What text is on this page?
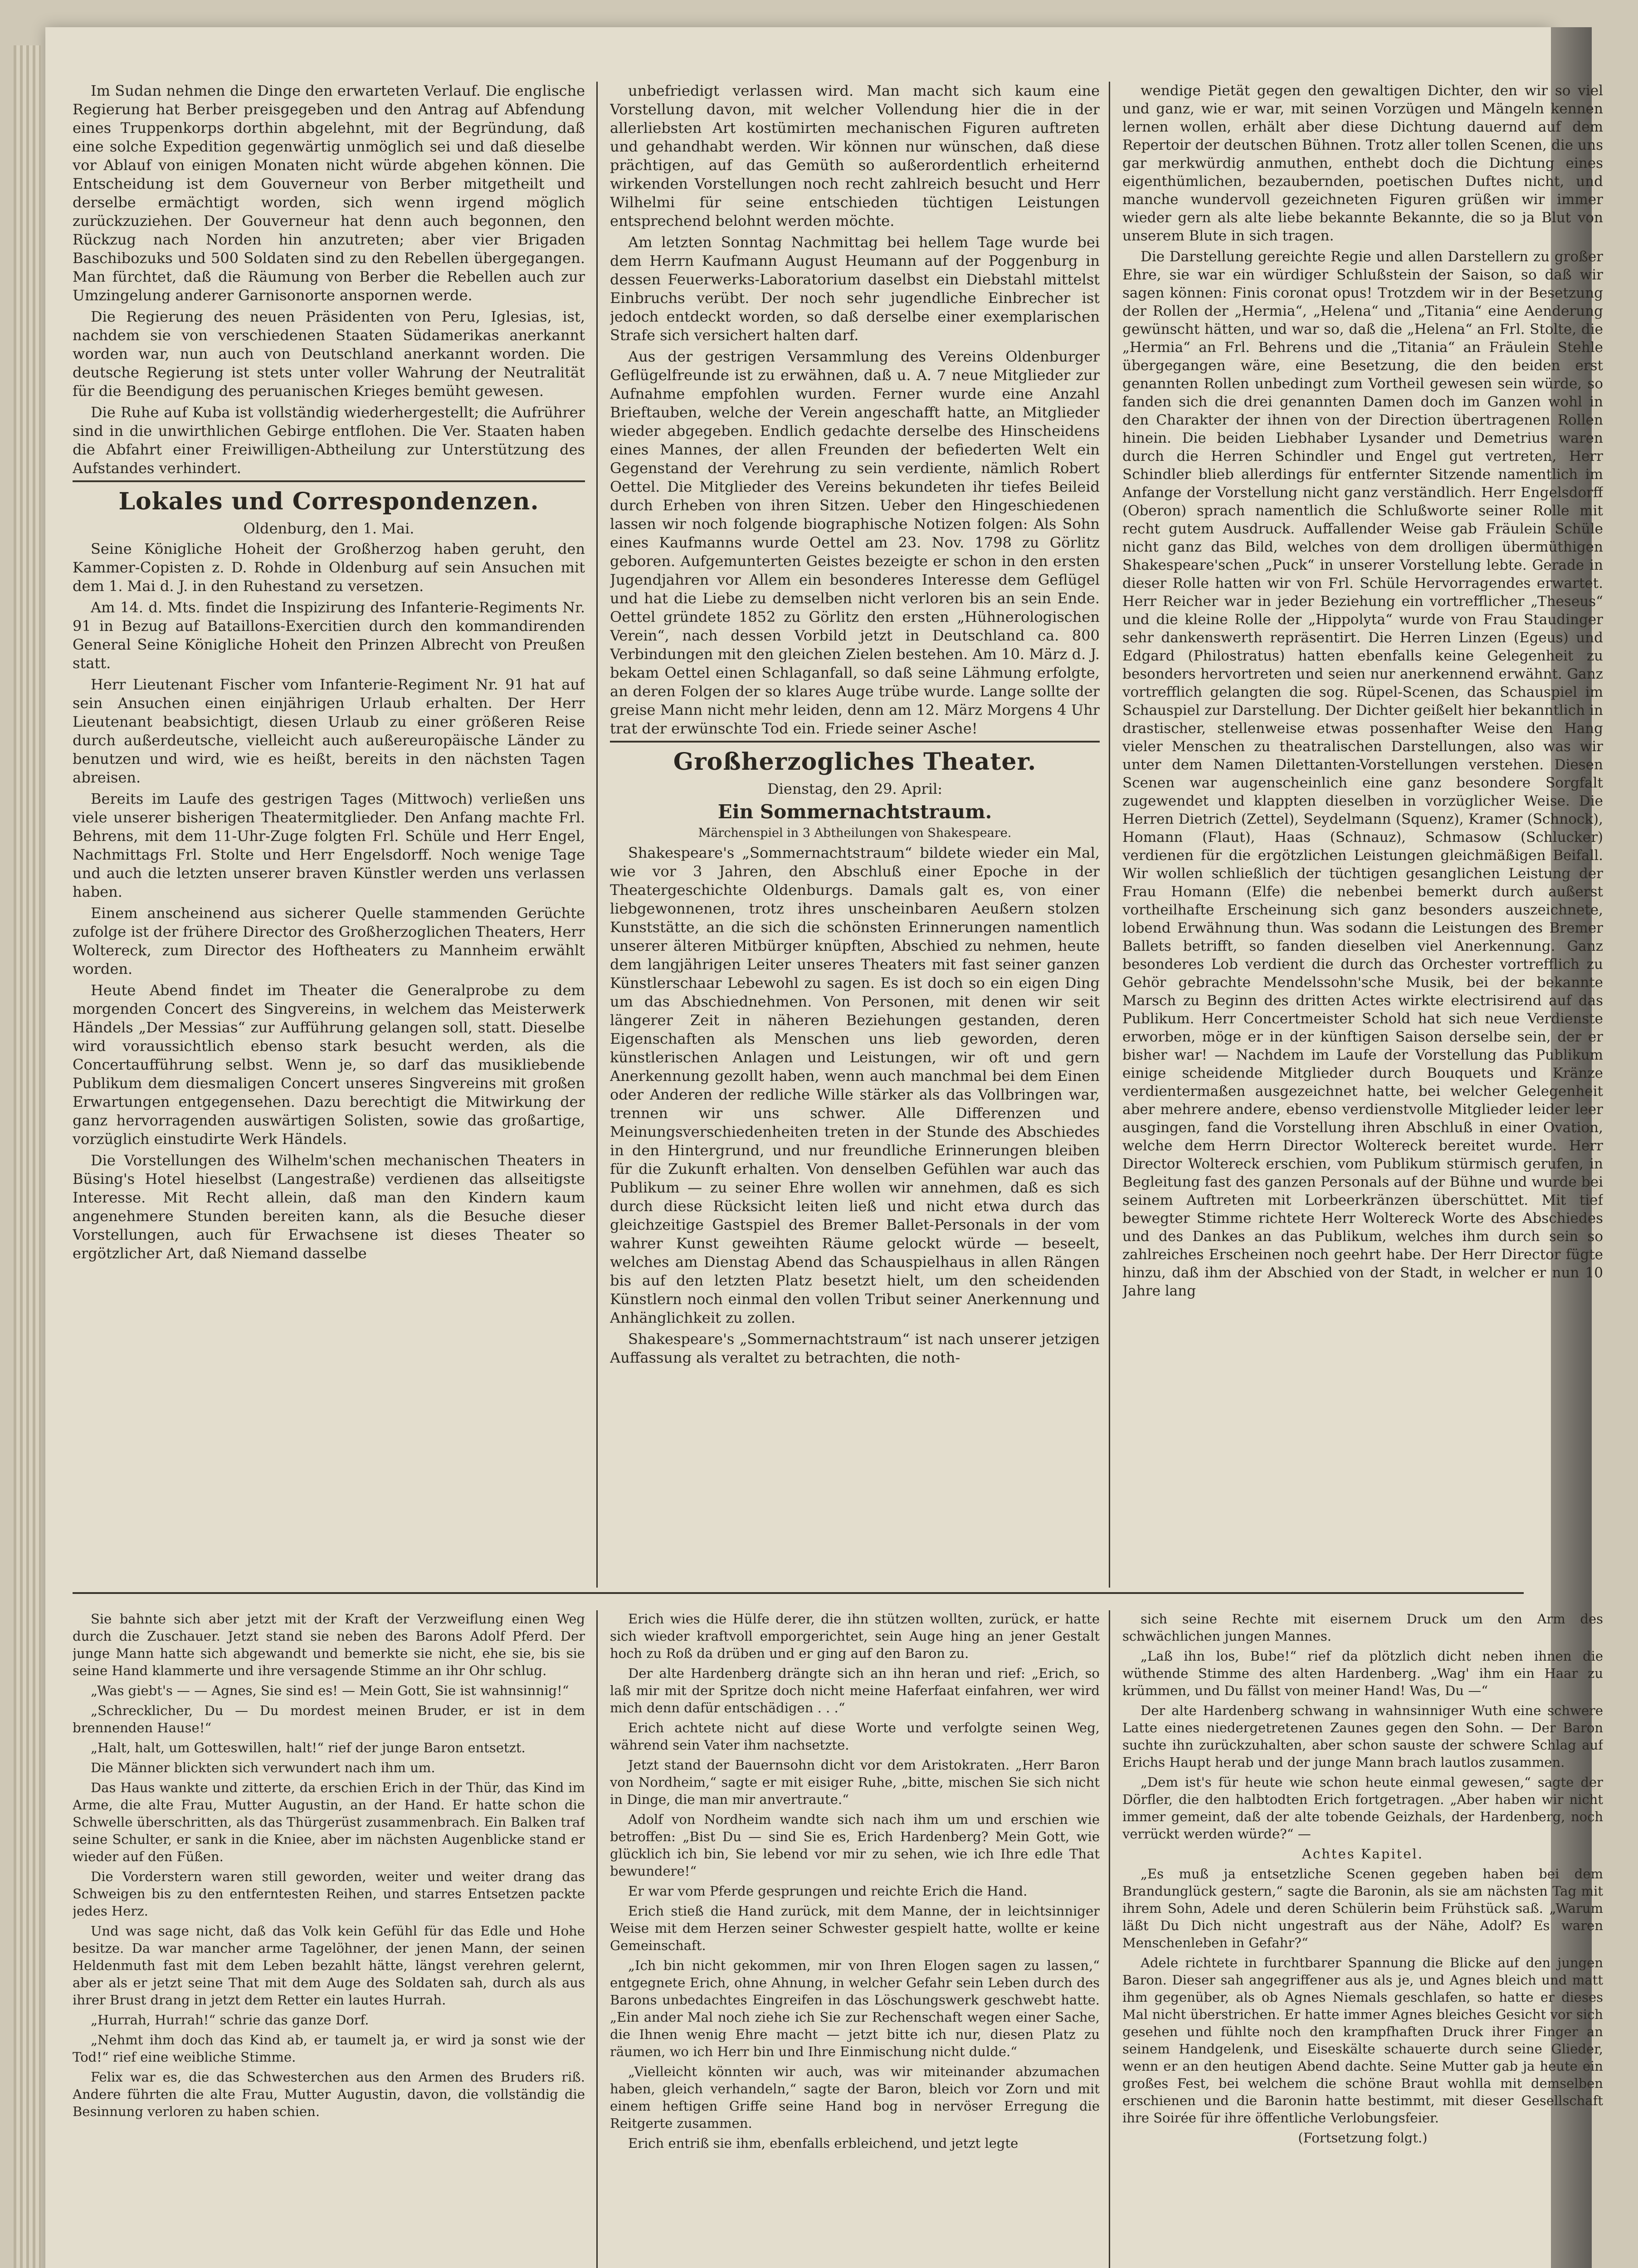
Im Sudan nehmen die Dinge den erwarteten Verlauf. Die englische Regierung hat Berber preisgegeben und den Antrag auf Abfendung eines Truppenkorps dorthin abgelehnt, mit der Begründung, daß eine solche Expedition gegenwärtig unmöglich sei und daß dieselbe vor Ablauf von einigen Monaten nicht würde abgehen können. Die Entscheidung ist dem Gouverneur von Berber mitgetheilt und derselbe ermächtigt worden, sich wenn irgend möglich zurückzuziehen. Der Gouverneur hat denn auch begonnen, den Rückzug nach Norden hin anzutreten; aber vier Brigaden Baschibozuks und 500 Soldaten sind zu den Rebellen übergegangen. Man fürchtet, daß die Räumung von Berber die Rebellen auch zur Umzingelung anderer Garnisonorte anspornen werde.

Die Regierung des neuen Präsidenten von Peru, Iglesias, ist, nachdem sie von verschiedenen Staaten Südamerikas anerkannt worden war, nun auch von Deutschland anerkannt worden. Die deutsche Regierung ist stets unter voller Wahrung der Neutralität für die Beendigung des peruanischen Krieges bemüht gewesen.

Die Ruhe auf Kuba ist vollständig wiederhergestellt; die Aufrührer sind in die unwirthlichen Gebirge entflohen. Die Ver. Staaten haben die Abfahrt einer Freiwilligen-Abtheilung zur Unterstützung des Aufstandes verhindert.

Lokales und Correspondenzen.
Oldenburg, den 1. Mai.

Seine Königliche Hoheit der Großherzog haben geruht, den Kammer-Copisten z. D. Rohde in Oldenburg auf sein Ansuchen mit dem 1. Mai d. J. in den Ruhestand zu versetzen.

Am 14. d. Mts. findet die Inspizirung des Infanterie-Regiments Nr. 91 in Bezug auf Bataillons-Exercitien durch den kommandirenden General Seine Königliche Hoheit den Prinzen Albrecht von Preußen statt.

Herr Lieutenant Fischer vom Infanterie-Regiment Nr. 91 hat auf sein Ansuchen einen einjährigen Urlaub erhalten. Der Herr Lieutenant beabsichtigt, diesen Urlaub zu einer größeren Reise durch außerdeutsche, vielleicht auch außereuropäische Länder zu benutzen und wird, wie es heißt, bereits in den nächsten Tagen abreisen.

Bereits im Laufe des gestrigen Tages (Mittwoch) verließen uns viele unserer bisherigen Theatermitglieder. Den Anfang machte Frl. Behrens, mit dem 11-Uhr-Zuge folgten Frl. Schüle und Herr Engel, Nachmittags Frl. Stolte und Herr Engelsdorff. Noch wenige Tage und auch die letzten unserer braven Künstler werden uns verlassen haben.

Einem anscheinend aus sicherer Quelle stammenden Gerüchte zufolge ist der frühere Director des Großherzoglichen Theaters, Herr Woltereck, zum Director des Hoftheaters zu Mannheim erwählt worden.

Heute Abend findet im Theater die Generalprobe zu dem morgenden Concert des Singvereins, in welchem das Meisterwerk Händels „Der Messias“ zur Aufführung gelangen soll, statt. Dieselbe wird voraussichtlich ebenso stark besucht werden, als die Concertaufführung selbst. Wenn je, so darf das musikliebende Publikum dem diesmaligen Concert unseres Singvereins mit großen Erwartungen entgegensehen. Dazu berechtigt die Mitwirkung der ganz hervorragenden auswärtigen Solisten, sowie das großartige, vorzüglich einstudirte Werk Händels.

Die Vorstellungen des Wilhelm'schen mechanischen Theaters in Büsing's Hotel hieselbst (Langestraße) verdienen das allseitigste Interesse. Mit Recht allein, daß man den Kindern kaum angenehmere Stunden bereiten kann, als die Besuche dieser Vorstellungen, auch für Erwachsene ist dieses Theater so ergötzlicher Art, daß Niemand dasselbe

unbefriedigt verlassen wird. Man macht sich kaum eine Vorstellung davon, mit welcher Vollendung hier die in der allerliebsten Art kostümirten mechanischen Figuren auftreten und gehandhabt werden. Wir können nur wünschen, daß diese prächtigen, auf das Gemüth so außerordentlich erheiternd wirkenden Vorstellungen noch recht zahlreich besucht und Herr Wilhelmi für seine entschieden tüchtigen Leistungen entsprechend belohnt werden möchte.

Am letzten Sonntag Nachmittag bei hellem Tage wurde bei dem Herrn Kaufmann August Heumann auf der Poggenburg in dessen Feuerwerks-Laboratorium daselbst ein Diebstahl mittelst Einbruchs verübt. Der noch sehr jugendliche Einbrecher ist jedoch entdeckt worden, so daß derselbe einer exemplarischen Strafe sich versichert halten darf.

Aus der gestrigen Versammlung des Vereins Oldenburger Geflügelfreunde ist zu erwähnen, daß u. A. 7 neue Mitglieder zur Aufnahme empfohlen wurden. Ferner wurde eine Anzahl Brieftauben, welche der Verein angeschafft hatte, an Mitglieder wieder abgegeben. Endlich gedachte derselbe des Hinscheidens eines Mannes, der allen Freunden der befiederten Welt ein Gegenstand der Verehrung zu sein verdiente, nämlich Robert Oettel. Die Mitglieder des Vereins bekundeten ihr tiefes Beileid durch Erheben von ihren Sitzen. Ueber den Hingeschiedenen lassen wir noch folgende biographische Notizen folgen: Als Sohn eines Kaufmanns wurde Oettel am 23. Nov. 1798 zu Görlitz geboren. Aufgemunterten Geistes bezeigte er schon in den ersten Jugendjahren vor Allem ein besonderes Interesse dem Geflügel und hat die Liebe zu demselben nicht verloren bis an sein Ende. Oettel gründete 1852 zu Görlitz den ersten „Hühnerologischen Verein“, nach dessen Vorbild jetzt in Deutschland ca. 800 Verbindungen mit den gleichen Zielen bestehen. Am 10. März d. J. bekam Oettel einen Schlaganfall, so daß seine Lähmung erfolgte, an deren Folgen der so klares Auge trübe wurde. Lange sollte der greise Mann nicht mehr leiden, denn am 12. März Morgens 4 Uhr trat der erwünschte Tod ein. Friede seiner Asche!

Großherzogliches Theater.
Dienstag, den 29. April:
Ein Sommernachtstraum.
Märchenspiel in 3 Abtheilungen von Shakespeare.

Shakespeare's „Sommernachtstraum“ bildete wieder ein Mal, wie vor 3 Jahren, den Abschluß einer Epoche in der Theatergeschichte Oldenburgs. Damals galt es, von einer liebgewonnenen, trotz ihres unscheinbaren Aeußern stolzen Kunststätte, an die sich die schönsten Erinnerungen namentlich unserer älteren Mitbürger knüpften, Abschied zu nehmen, heute dem langjährigen Leiter unseres Theaters mit fast seiner ganzen Künstlerschaar Lebewohl zu sagen. Es ist doch so ein eigen Ding um das Abschiednehmen. Von Personen, mit denen wir seit längerer Zeit in näheren Beziehungen gestanden, deren Eigenschaften als Menschen uns lieb geworden, deren künstlerischen Anlagen und Leistungen, wir oft und gern Anerkennung gezollt haben, wenn auch manchmal bei dem Einen oder Anderen der redliche Wille stärker als das Vollbringen war, trennen wir uns schwer. Alle Differenzen und Meinungsverschiedenheiten treten in der Stunde des Abschiedes in den Hintergrund, und nur freundliche Erinnerungen bleiben für die Zukunft erhalten. Von denselben Gefühlen war auch das Publikum — zu seiner Ehre wollen wir annehmen, daß es sich durch diese Rücksicht leiten ließ und nicht etwa durch das gleichzeitige Gastspiel des Bremer Ballet-Personals in der vom wahrer Kunst geweihten Räume gelockt würde — beseelt, welches am Dienstag Abend das Schauspielhaus in allen Rängen bis auf den letzten Platz besetzt hielt, um den scheidenden Künstlern noch einmal den vollen Tribut seiner Anerkennung und Anhänglichkeit zu zollen.

Shakespeare's „Sommernachtstraum“ ist nach unserer jetzigen Auffassung als veraltet zu betrachten, die noth-

wendige Pietät gegen den gewaltigen Dichter, den wir so viel und ganz, wie er war, mit seinen Vorzügen und Mängeln kennen lernen wollen, erhält aber diese Dichtung dauernd auf dem Repertoir der deutschen Bühnen. Trotz aller tollen Scenen, die uns gar merkwürdig anmuthen, enthebt doch die Dichtung eines eigenthümlichen, bezaubernden, poetischen Duftes nicht, und manche wundervoll gezeichneten Figuren grüßen wir immer wieder gern als alte liebe bekannte Bekannte, die so ja Blut von unserem Blute in sich tragen.

Die Darstellung gereichte Regie und allen Darstellern zu großer Ehre, sie war ein würdiger Schlußstein der Saison, so daß wir sagen können: Finis coronat opus! Trotzdem wir in der Besetzung der Rollen der „Hermia“, „Helena“ und „Titania“ eine Aenderung gewünscht hätten, und war so, daß die „Helena“ an Frl. Stolte, die „Hermia“ an Frl. Behrens und die „Titania“ an Fräulein Stehle übergegangen wäre, eine Besetzung, die den beiden erst genannten Rollen unbedingt zum Vortheil gewesen sein würde, so fanden sich die drei genannten Damen doch im Ganzen wohl in den Charakter der ihnen von der Direction übertragenen Rollen hinein. Die beiden Liebhaber Lysander und Demetrius waren durch die Herren Schindler und Engel gut vertreten, Herr Schindler blieb allerdings für entfernter Sitzende namentlich im Anfange der Vorstellung nicht ganz verständlich. Herr Engelsdorff (Oberon) sprach namentlich die Schlußworte seiner Rolle mit recht gutem Ausdruck. Auffallender Weise gab Fräulein Schüle nicht ganz das Bild, welches von dem drolligen übermüthigen Shakespeare'schen „Puck“ in unserer Vorstellung lebte. Gerade in dieser Rolle hatten wir von Frl. Schüle Hervorragendes erwartet. Herr Reicher war in jeder Beziehung ein vortrefflicher „Theseus“ und die kleine Rolle der „Hippolyta“ wurde von Frau Staudinger sehr dankenswerth repräsentirt. Die Herren Linzen (Egeus) und Edgard (Philostratus) hatten ebenfalls keine Gelegenheit zu besonders hervortreten und seien nur anerkennend erwähnt. Ganz vortrefflich gelangten die sog. Rüpel-Scenen, das Schauspiel im Schauspiel zur Darstellung. Der Dichter geißelt hier bekanntlich in drastischer, stellenweise etwas possenhafter Weise den Hang vieler Menschen zu theatralischen Darstellungen, also was wir unter dem Namen Dilettanten-Vorstellungen verstehen. Diesen Scenen war augenscheinlich eine ganz besondere Sorgfalt zugewendet und klappten dieselben in vorzüglicher Weise. Die Herren Dietrich (Zettel), Seydelmann (Squenz), Kramer (Schnock), Homann (Flaut), Haas (Schnauz), Schmasow (Schlucker) verdienen für die ergötzlichen Leistungen gleichmäßigen Beifall. Wir wollen schließlich der tüchtigen gesanglichen Leistung der Frau Homann (Elfe) die nebenbei bemerkt durch außerst vortheilhafte Erscheinung sich ganz besonders auszeichnete, lobend Erwähnung thun. Was sodann die Leistungen des Bremer Ballets betrifft, so fanden dieselben viel Anerkennung. Ganz besonderes Lob verdient die durch das Orchester vortrefflich zu Gehör gebrachte Mendelssohn'sche Musik, bei der bekannte Marsch zu Beginn des dritten Actes wirkte electrisirend auf das Publikum. Herr Concertmeister Schold hat sich neue Verdienste erworben, möge er in der künftigen Saison derselbe sein, der er bisher war! — Nachdem im Laufe der Vorstellung das Publikum einige scheidende Mitglieder durch Bouquets und Kränze verdientermaßen ausgezeichnet hatte, bei welcher Gelegenheit aber mehrere andere, ebenso verdienstvolle Mitglieder leider leer ausgingen, fand die Vorstellung ihren Abschluß in einer Ovation, welche dem Herrn Director Woltereck bereitet wurde. Herr Director Woltereck erschien, vom Publikum stürmisch gerufen, in Begleitung fast des ganzen Personals auf der Bühne und wurde bei seinem Auftreten mit Lorbeerkränzen überschüttet. Mit tief bewegter Stimme richtete Herr Woltereck Worte des Abschiedes und des Dankes an das Publikum, welches ihm durch sein so zahlreiches Erscheinen noch geehrt habe. Der Herr Director fügte hinzu, daß ihm der Abschied von der Stadt, in welcher er nun 10 Jahre lang

Sie bahnte sich aber jetzt mit der Kraft der Verzweiflung einen Weg durch die Zuschauer. Jetzt stand sie neben des Barons Adolf Pferd. Der junge Mann hatte sich abgewandt und bemerkte sie nicht, ehe sie, bis sie seine Hand klammerte und ihre versagende Stimme an ihr Ohr schlug.

„Was giebt's — — Agnes, Sie sind es! — Mein Gott, Sie ist wahnsinnig!“

„Schrecklicher, Du — Du mordest meinen Bruder, er ist in dem brennenden Hause!“

„Halt, halt, um Gotteswillen, halt!“ rief der junge Baron entsetzt.

Die Männer blickten sich verwundert nach ihm um.

Das Haus wankte und zitterte, da erschien Erich in der Thür, das Kind im Arme, die alte Frau, Mutter Augustin, an der Hand. Er hatte schon die Schwelle überschritten, als das Thürgerüst zusammenbrach. Ein Balken traf seine Schulter, er sank in die Kniee, aber im nächsten Augenblicke stand er wieder auf den Füßen.

Die Vorderstern waren still geworden, weiter und weiter drang das Schweigen bis zu den entferntesten Reihen, und starres Entsetzen packte jedes Herz.

Und was sage nicht, daß das Volk kein Gefühl für das Edle und Hohe besitze. Da war mancher arme Tagelöhner, der jenen Mann, der seinen Heldenmuth fast mit dem Leben bezahlt hätte, längst verehren gelernt, aber als er jetzt seine That mit dem Auge des Soldaten sah, durch als aus ihrer Brust drang in jetzt dem Retter ein lautes Hurrah.

„Hurrah, Hurrah!“ schrie das ganze Dorf.

„Nehmt ihm doch das Kind ab, er taumelt ja, er wird ja sonst wie der Tod!“ rief eine weibliche Stimme.

Felix war es, die das Schwesterchen aus den Armen des Bruders riß. Andere führten die alte Frau, Mutter Augustin, davon, die vollständig die Besinnung verloren zu haben schien.

Erich wies die Hülfe derer, die ihn stützen wollten, zurück, er hatte sich wieder kraftvoll emporgerichtet, sein Auge hing an jener Gestalt hoch zu Roß da drüben und er ging auf den Baron zu.

Der alte Hardenberg drängte sich an ihn heran und rief: „Erich, so laß mir mit der Spritze doch nicht meine Haferfaat einfahren, wer wird mich denn dafür entschädigen . . .“

Erich achtete nicht auf diese Worte und verfolgte seinen Weg, während sein Vater ihm nachsetzte.

Jetzt stand der Bauernsohn dicht vor dem Aristokraten. „Herr Baron von Nordheim,“ sagte er mit eisiger Ruhe, „bitte, mischen Sie sich nicht in Dinge, die man mir anvertraute.“

Adolf von Nordheim wandte sich nach ihm um und erschien wie betroffen: „Bist Du — sind Sie es, Erich Hardenberg? Mein Gott, wie glücklich ich bin, Sie lebend vor mir zu sehen, wie ich Ihre edle That bewundere!“

Er war vom Pferde gesprungen und reichte Erich die Hand.

Erich stieß die Hand zurück, mit dem Manne, der in leichtsinniger Weise mit dem Herzen seiner Schwester gespielt hatte, wollte er keine Gemeinschaft.

„Ich bin nicht gekommen, mir von Ihren Elogen sagen zu lassen,“ entgegnete Erich, ohne Ahnung, in welcher Gefahr sein Leben durch des Barons unbedachtes Eingreifen in das Löschungswerk geschwebt hatte. „Ein ander Mal noch ziehe ich Sie zur Rechenschaft wegen einer Sache, die Ihnen wenig Ehre macht — jetzt bitte ich nur, diesen Platz zu räumen, wo ich Herr bin und Ihre Einmischung nicht dulde.“

„Vielleicht könnten wir auch, was wir miteinander abzumachen haben, gleich verhandeln,“ sagte der Baron, bleich vor Zorn und mit einem heftigen Griffe seine Hand bog in nervöser Erregung die Reitgerte zusammen.

Erich entriß sie ihm, ebenfalls erbleichend, und jetzt legte

sich seine Rechte mit eisernem Druck um den Arm des schwächlichen jungen Mannes.

„Laß ihn los, Bube!“ rief da plötzlich dicht neben ihnen die wüthende Stimme des alten Hardenberg. „Wag' ihm ein Haar zu krümmen, und Du fällst von meiner Hand! Was, Du —“

Der alte Hardenberg schwang in wahnsinniger Wuth eine schwere Latte eines niedergetretenen Zaunes gegen den Sohn. — Der Baron suchte ihn zurückzuhalten, aber schon sauste der schwere Schlag auf Erichs Haupt herab und der junge Mann brach lautlos zusammen.

„Dem ist's für heute wie schon heute einmal gewesen,“ sagte der Dörfler, die den halbtodten Erich fortgetragen. „Aber haben wir nicht immer gemeint, daß der alte tobende Geizhals, der Hardenberg, noch verrückt werden würde?“ —

Achtes Kapitel.

„Es muß ja entsetzliche Scenen gegeben haben bei dem Brandunglück gestern,“ sagte die Baronin, als sie am nächsten Tag mit ihrem Sohn, Adele und deren Schülerin beim Frühstück saß. „Warum läßt Du Dich nicht ungestraft aus der Nähe, Adolf? Es waren Menschenleben in Gefahr?“

Adele richtete in furchtbarer Spannung die Blicke auf den jungen Baron. Dieser sah angegriffener aus als je, und Agnes bleich und matt ihm gegenüber, als ob Agnes Niemals geschlafen, so hatte er dieses Mal nicht überstrichen. Er hatte immer Agnes bleiches Gesicht vor sich gesehen und fühlte noch den krampfhaften Druck ihrer Finger an seinem Handgelenk, und Eiseskälte schauerte durch seine Glieder, wenn er an den heutigen Abend dachte. Seine Mutter gab ja heute ein großes Fest, bei welchem die schöne Braut wohlla mit demselben erschienen und die Baronin hatte bestimmt, mit dieser Gesellschaft ihre Soirée für ihre öffentliche Verlobungsfeier.

(Fortsetzung folgt.)
